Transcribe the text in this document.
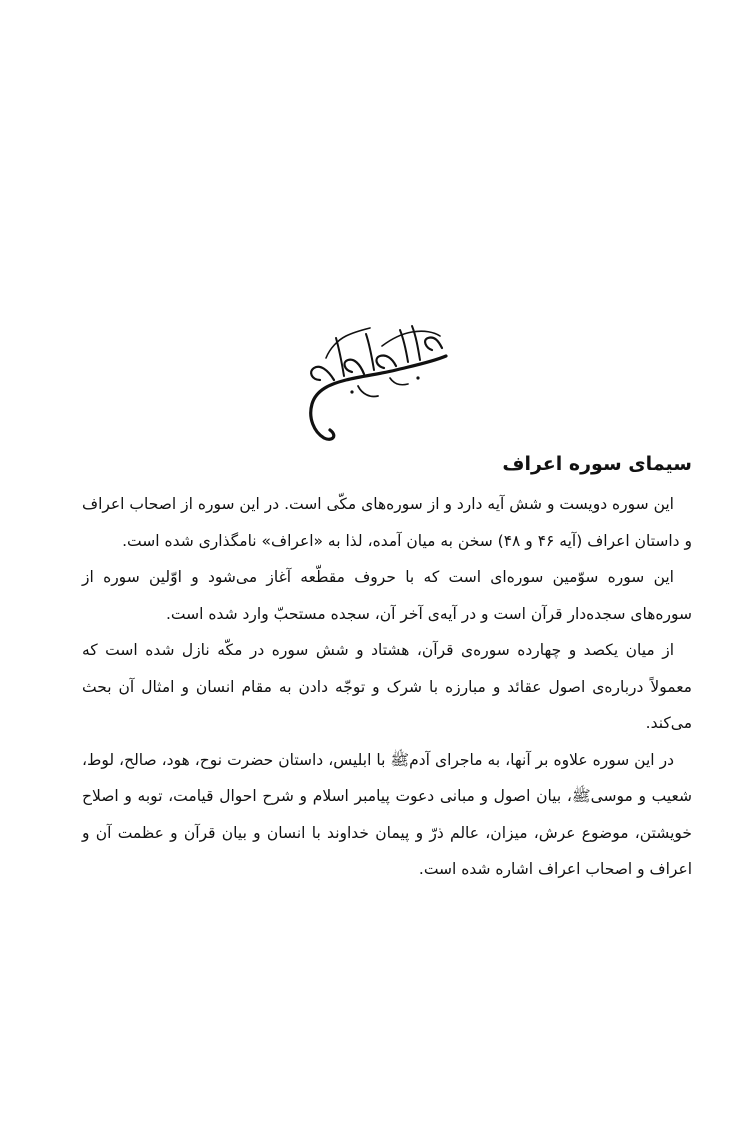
سیمای سوره اعراف

این سوره دویست و شش آیه دارد و از سوره‌های مکّی است. در این سوره از اصحاب اعراف و داستان اعراف (آیه ۴۶ و ۴۸) سخن به میان آمده، لذا به «اعراف» نامگذاری شده است.

این سوره سوّمین سوره‌ای است که با حروف مقطّعه آغاز می‌شود و اوّلین سوره از سوره‌های سجده‌دار قرآن است و در آیه‌ی آخر آن، سجده مستحبّ وارد شده است.

از میان یکصد و چهارده سوره‌ی قرآن، هشتاد و شش سوره در مکّه نازل شده است که معمولاً درباره‌ی اصول عقائد و مبارزه با شرک و توجّه دادن به مقام انسان و امثال آن بحث می‌کند.

در این سوره علاوه بر آنها، به ماجرای آدم‌ﷺ با ابلیس، داستان حضرت نوح، هود، صالح، لوط، شعیب و موسی‌ﷺ، بیان اصول و مبانی دعوت پیامبر اسلام و شرح احوال قیامت، توبه و اصلاح خویشتن، موضوع عرش، میزان، عالم ذرّ و پیمان خداوند با انسان و بیان قرآن و عظمت آن و اعراف و اصحاب اعراف اشاره شده است.
